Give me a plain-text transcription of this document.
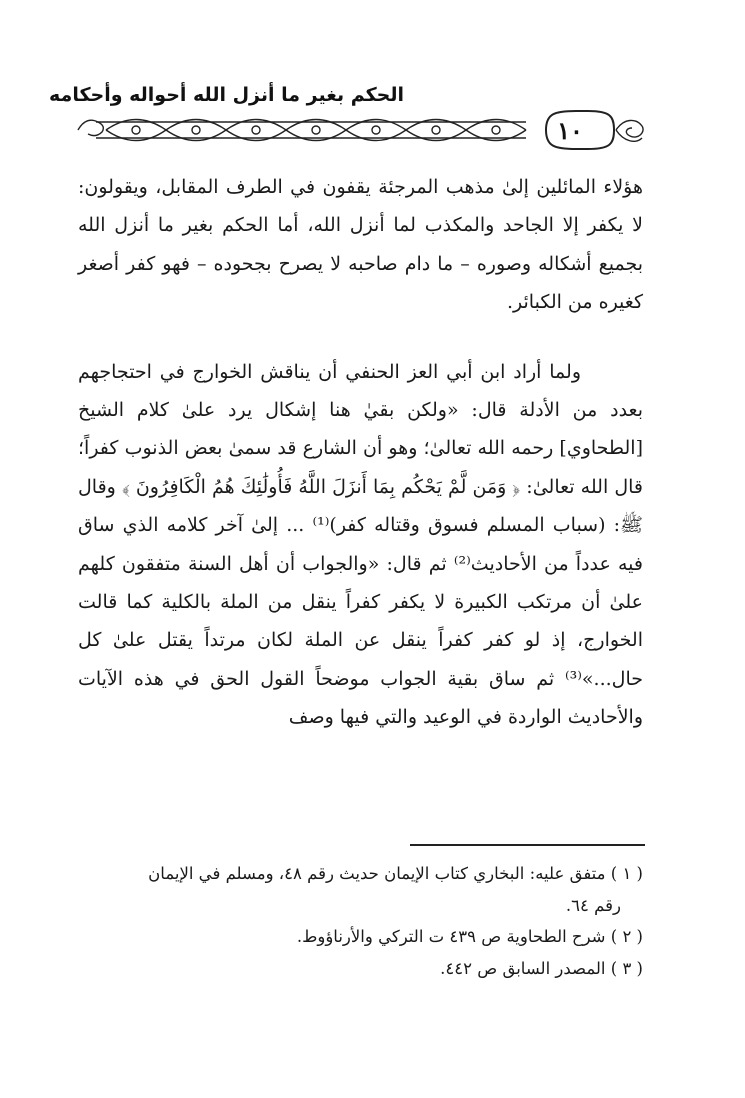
الحكم بغير ما أنزل الله أحواله وأحكامه
١٠

هؤلاء المائلين إلىٰ مذهب المرجئة يقفون في الطرف المقابل، ويقولون: لا يكفر إلا الجاحد والمكذب لما أنزل الله، أما الحكم بغير ما أنزل الله بجميع أشكاله وصوره – ما دام صاحبه لا يصرح بجحوده – فهو كفر أصغر كغيره من الكبائر.

ولما أراد ابن أبي العز الحنفي أن يناقش الخوارج في احتجاجهم بعدد من الأدلة قال: «ولكن بقيٰ هنا إشكال يرد علىٰ كلام الشيخ [الطحاوي] رحمه الله تعالىٰ؛ وهو أن الشارع قد سمىٰ بعض الذنوب كفراً؛ قال الله تعالىٰ: ﴿ وَمَن لَّمْ يَحْكُم بِمَا أَنزَلَ اللَّهُ فَأُولَٰئِكَ هُمُ الْكَافِرُونَ ﴾ وقال ﷺ: (سباب المسلم فسوق وقتاله كفر)⁽¹⁾ ... إلىٰ آخر كلامه الذي ساق فيه عدداً من الأحاديث⁽²⁾ ثم قال: «والجواب أن أهل السنة متفقون كلهم علىٰ أن مرتكب الكبيرة لا يكفر كفراً ينقل من الملة بالكلية كما قالت الخوارج، إذ لو كفر كفراً ينقل عن الملة لكان مرتداً يقتل علىٰ كل حال...»⁽³⁾ ثم ساق بقية الجواب موضحاً القول الحق في هذه الآيات والأحاديث الواردة في الوعيد والتي فيها وصف

( ١ ) متفق عليه: البخاري كتاب الإيمان حديث رقم ٤٨، ومسلم في الإيمان
رقم ٦٤.

( ٢ ) شرح الطحاوية ص ٤٣٩ ت التركي والأرناؤوط.

( ٣ ) المصدر السابق ص ٤٤٢.
